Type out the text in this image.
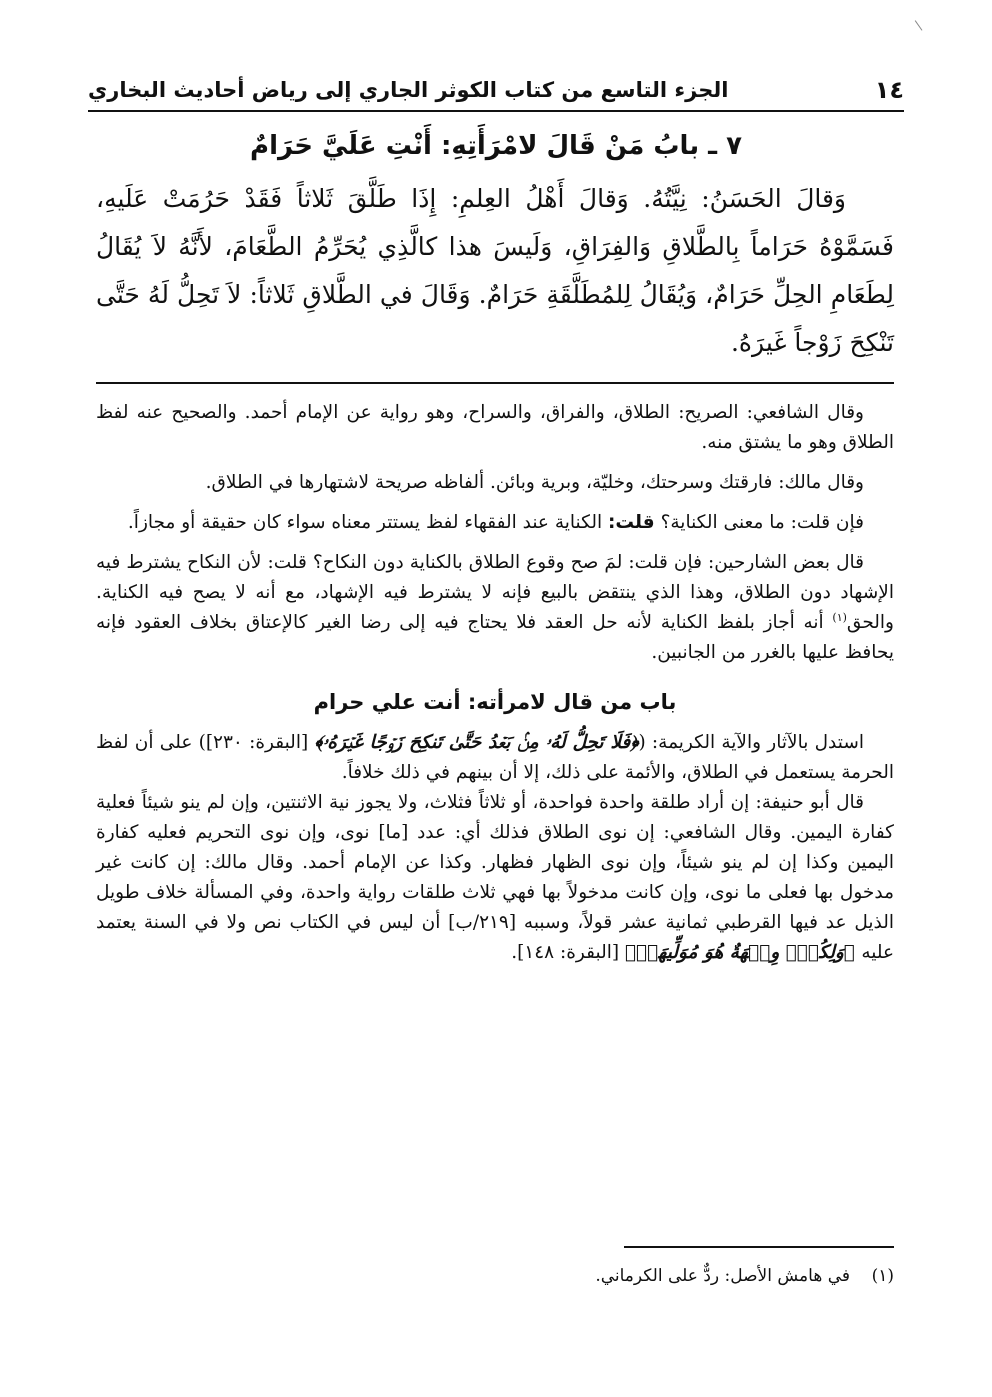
١٤
الجزء التاسع من كتاب الكوثر الجاري إلى رياض أحاديث البخاري
٧ ـ بابُ مَنْ قَالَ لامْرَأَتِهِ: أَنْتِ عَلَيَّ حَرَامٌ

وَقالَ الحَسَنُ: نِيَّتُهُ. وَقالَ أَهْلُ العِلمِ: إِذَا طَلَّقَ ثَلاثاً فَقَدْ حَرُمَتْ عَلَيهِ، فَسَمَّوْهُ حَرَاماً بِالطَّلاقِ وَالفِرَاقِ، وَلَيسَ هذا كالَّذِي يُحَرِّمُ الطَّعَامَ، لأَنَّهُ لاَ يُقَالُ لِطَعَامِ الحِلِّ حَرَامٌ، وَيُقَالُ لِلمُطَلَّقَةِ حَرَامٌ. وَقَالَ في الطَّلاقِ ثَلاثاً: لاَ تَحِلُّ لَهُ حَتَّى تَنْكِحَ زَوْجاً غَيرَهُ.

وقال الشافعي: الصريح: الطلاق، والفراق، والسراح، وهو رواية عن الإمام أحمد. والصحيح عنه لفظ الطلاق وهو ما يشتق منه.

وقال مالك: فارقتك وسرحتك، وخليّة، وبرية وبائن. ألفاظه صريحة لاشتهارها في الطلاق.

فإن قلت: ما معنى الكناية؟ قلت: الكناية عند الفقهاء لفظ يستتر معناه سواء كان حقيقة أو مجازاً.

قال بعض الشارحين: فإن قلت: لمَ صح وقوع الطلاق بالكناية دون النكاح؟ قلت: لأن النكاح يشترط فيه الإشهاد دون الطلاق، وهذا الذي ينتقض بالبيع فإنه لا يشترط فيه الإشهاد، مع أنه لا يصح فيه الكناية. والحق$^{(١)}$ أنه أجاز بلفظ الكناية لأنه حل العقد فلا يحتاج فيه إلى رضا الغير كالإعتاق بخلاف العقود فإنه يحافظ عليها بالغرر من الجانبين.

باب من قال لامرأته: أنت علي حرام

استدل بالآثار والآية الكريمة: (﴿فَلَا تَحِلُّ لَهُۥ مِنۢ بَعۡدُ حَتَّىٰ تَنكِحَ زَوۡجًا غَيۡرَهُۥ﴾ [البقرة: ٢٣٠]) على أن لفظ الحرمة يستعمل في الطلاق، والأئمة على ذلك، إلا أن بينهم في ذلك خلافاً.

قال أبو حنيفة: إن أراد طلقة واحدة فواحدة، أو ثلاثاً فثلاث، ولا يجوز نية الاثنتين، وإن لم ينو شيئاً فعلية كفارة اليمين. وقال الشافعي: إن نوى الطلاق فذلك أي: عدد [ما] نوى، وإن نوى التحريم فعليه كفارة اليمين وكذا إن لم ينو شيئاً، وإن نوى الظهار فظهار. وكذا عن الإمام أحمد. وقال مالك: إن كانت غير مدخول بها فعلى ما نوى، وإن كانت مدخولاً بها فهي ثلاث طلقات رواية واحدة، وفي المسألة خلاف طويل الذيل عد فيها القرطبي ثمانية عشر قولاً، وسببه [٢١٩/ب] أن ليس في الكتاب نص ولا في السنة يعتمد عليه ﴿وَلِكُلّٖ وِجۡهَةٌ هُوَ مُوَلِّيهَاۖ﴾ [البقرة: ١٤٨].

(١)في هامش الأصل: ردٌّ على الكرماني.
